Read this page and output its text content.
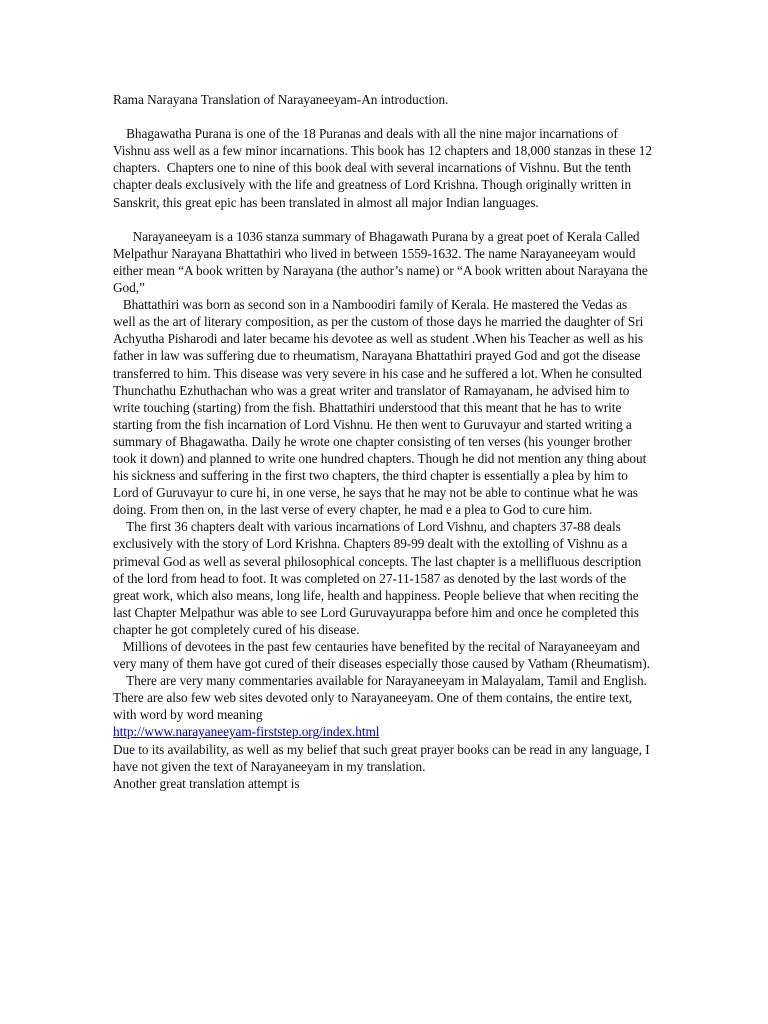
Rama Narayana Translation of Narayaneeyam-An introduction.

Bhagawatha Purana is one of the 18 Puranas and deals with all the nine major incarnations of Vishnu ass well as a few minor incarnations. This book has 12 chapters and 18,000 stanzas in these 12 chapters.  Chapters one to nine of this book deal with several incarnations of Vishnu. But the tenth chapter deals exclusively with the life and greatness of Lord Krishna. Though originally written in Sanskrit, this great epic has been translated in almost all major Indian languages.

Narayaneeyam is a 1036 stanza summary of Bhagawath Purana by a great poet of Kerala Called Melpathur Narayana Bhattathiri who lived in between 1559-1632. The name Narayaneeyam would either mean “A book written by Narayana (the author’s name) or “A book written about Narayana the God,”

Bhattathiri was born as second son in a Namboodiri family of Kerala. He mastered the Vedas as well as the art of literary composition, as per the custom of those days he married the daughter of Sri Achyutha Pisharodi and later became his devotee as well as student .When his Teacher as well as his father in law was suffering due to rheumatism, Narayana Bhattathiri prayed God and got the disease transferred to him. This disease was very severe in his case and he suffered a lot. When he consulted Thunchathu Ezhuthachan who was a great writer and translator of Ramayanam, he advised him to write touching (starting) from the fish. Bhattathiri understood that this meant that he has to write starting from the fish incarnation of Lord Vishnu. He then went to Guruvayur and started writing a summary of Bhagawatha. Daily he wrote one chapter consisting of ten verses (his younger brother took it down) and planned to write one hundred chapters. Though he did not mention any thing about his sickness and suffering in the first two chapters, the third chapter is essentially a plea by him to Lord of Guruvayur to cure hi, in one verse, he says that he may not be able to continue what he was doing. From then on, in the last verse of every chapter, he mad e a plea to God to cure him.

The first 36 chapters dealt with various incarnations of Lord Vishnu, and chapters 37-88 deals exclusively with the story of Lord Krishna. Chapters 89-99 dealt with the extolling of Vishnu as a primeval God as well as several philosophical concepts. The last chapter is a mellifluous description of the lord from head to foot. It was completed on 27-11-1587 as denoted by the last words of the great work, which also means, long life, health and happiness. People believe that when reciting the last Chapter Melpathur was able to see Lord Guruvayurappa before him and once he completed this chapter he got completely cured of his disease.

Millions of devotees in the past few centauries have benefited by the recital of Narayaneeyam and very many of them have got cured of their diseases especially those caused by Vatham (Rheumatism).

There are very many commentaries available for Narayaneeyam in Malayalam, Tamil and English. There are also few web sites devoted only to Narayaneeyam. One of them contains, the entire text, with word by word meaning

http://www.narayaneeyam-firststep.org/index.html

Due to its availability, as well as my belief that such great prayer books can be read in any language, I have not given the text of Narayaneeyam in my translation.

Another great translation attempt is
